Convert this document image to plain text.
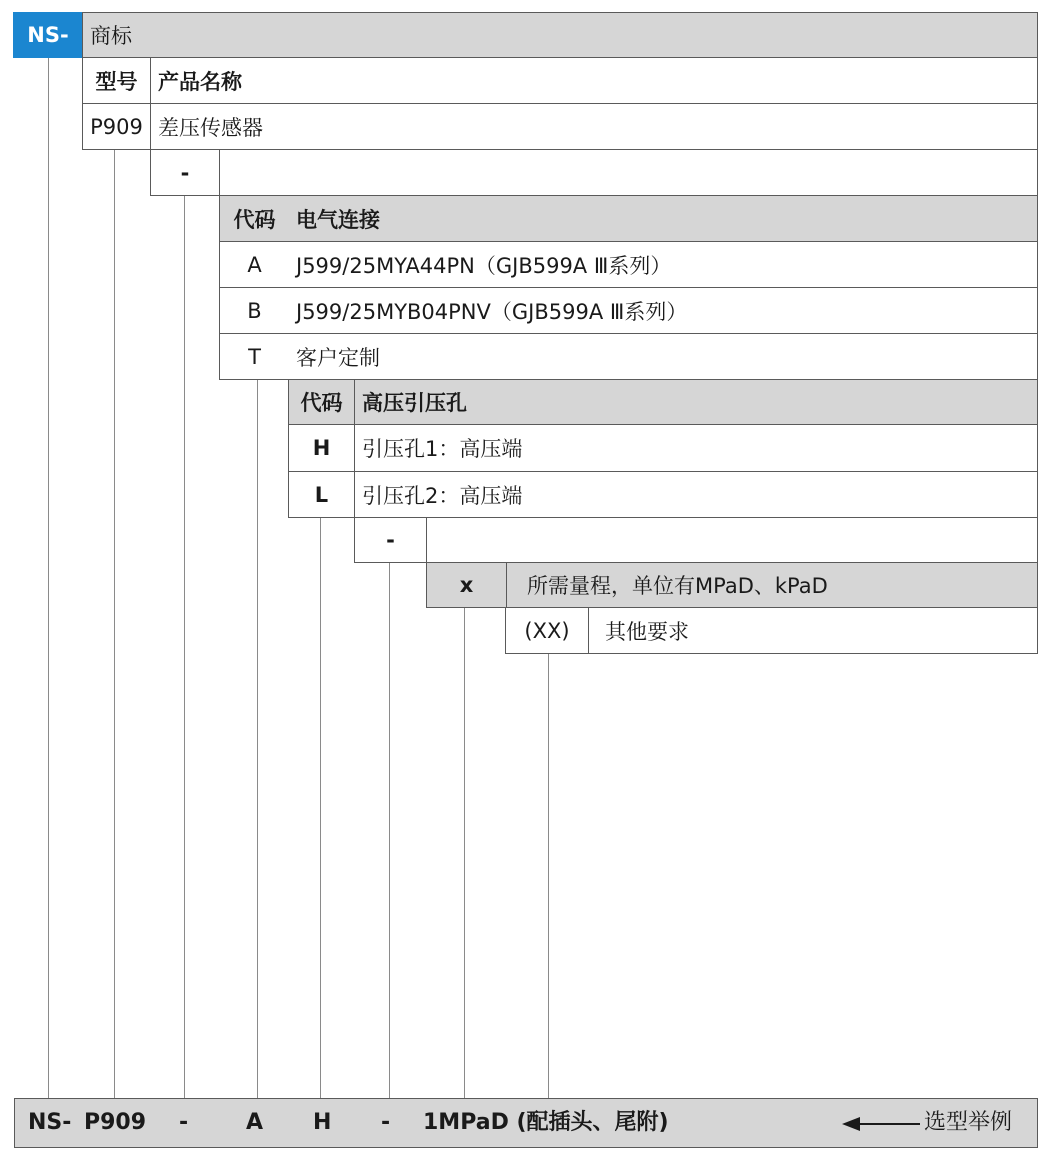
NS-	商标
型号 产品名称
P909 差压传感器
-
代码 电气连接
A	J599/25MYA44PN（GJB599A Ⅲ系列）
B	J599/25MYB04PNV（GJB599A Ⅲ系列）
T	客户定制
代码 高压引压孔
H	引压孔1：高压端
L	引压孔2：高压端
-
x	所需量程，单位有MPaD、kPaD
(XX)	其他要求
NS- P909 -	A H - 1MPaD (配插头、尾附)	选型举例
